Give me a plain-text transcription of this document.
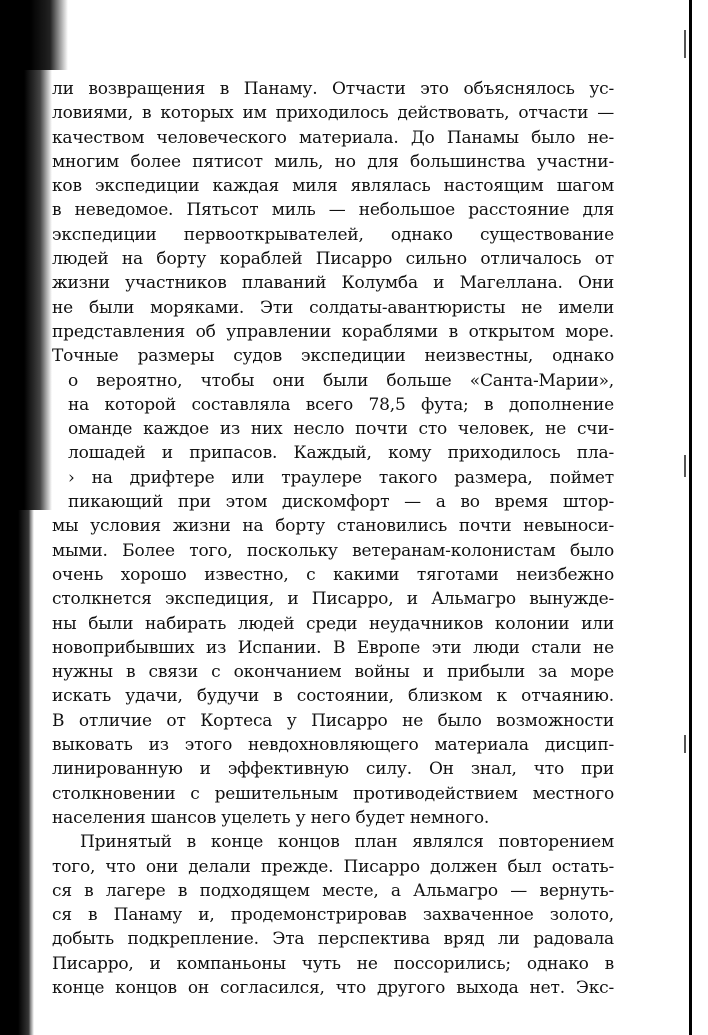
ли возвращения в Панаму. Отчасти это объяснялось ус-
ловиями, в которых им приходилось действовать, отчасти —
качеством человеческого материала. До Панамы было не-
многим более пятисот миль, но для большинства участни-
ков экспедиции каждая миля являлась настоящим шагом
в неведомое. Пятьсот миль — небольшое расстояние для
экспедиции первооткрывателей, однако существование
людей на борту кораблей Писарро сильно отличалось от
жизни участников плаваний Колумба и Магеллана. Они
не были моряками. Эти солдаты-авантюристы не имели
представления об управлении кораблями в открытом море.
Точные размеры судов экспедиции неизвестны, однако
о вероятно, чтобы они были больше «Санта-Марии»,
на которой составляла всего 78,5 фута; в дополнение
оманде каждое из них несло почти сто человек, не счи-
лошадей и припасов. Каждый, кому приходилось пла-
› на дрифтере или траулере такого размера, поймет
пикающий при этом дискомфорт — а во время штор-
мы условия жизни на борту становились почти невыноси-
мыми. Более того, поскольку ветеранам-колонистам было
очень хорошо известно, с какими тяготами неизбежно
столкнется экспедиция, и Писарро, и Альмагро вынужде-
ны были набирать людей среди неудачников колонии или
новоприбывших из Испании. В Европе эти люди стали не
нужны в связи с окончанием войны и прибыли за море
искать удачи, будучи в состоянии, близком к отчаянию.
В отличие от Кортеса у Писарро не было возможности
выковать из этого невдохновляющего материала дисцип-
линированную и эффективную силу. Он знал, что при
столкновении с решительным противодействием местного
населения шансов уцелеть у него будет немного.
Принятый в конце концов план являлся повторением
того, что они делали прежде. Писарро должен был остать-
ся в лагере в подходящем месте, а Альмагро — вернуть-
ся в Панаму и, продемонстрировав захваченное золото,
добыть подкрепление. Эта перспектива вряд ли радовала
Писарро, и компаньоны чуть не поссорились; однако в
конце концов он согласился, что другого выхода нет. Экс-
